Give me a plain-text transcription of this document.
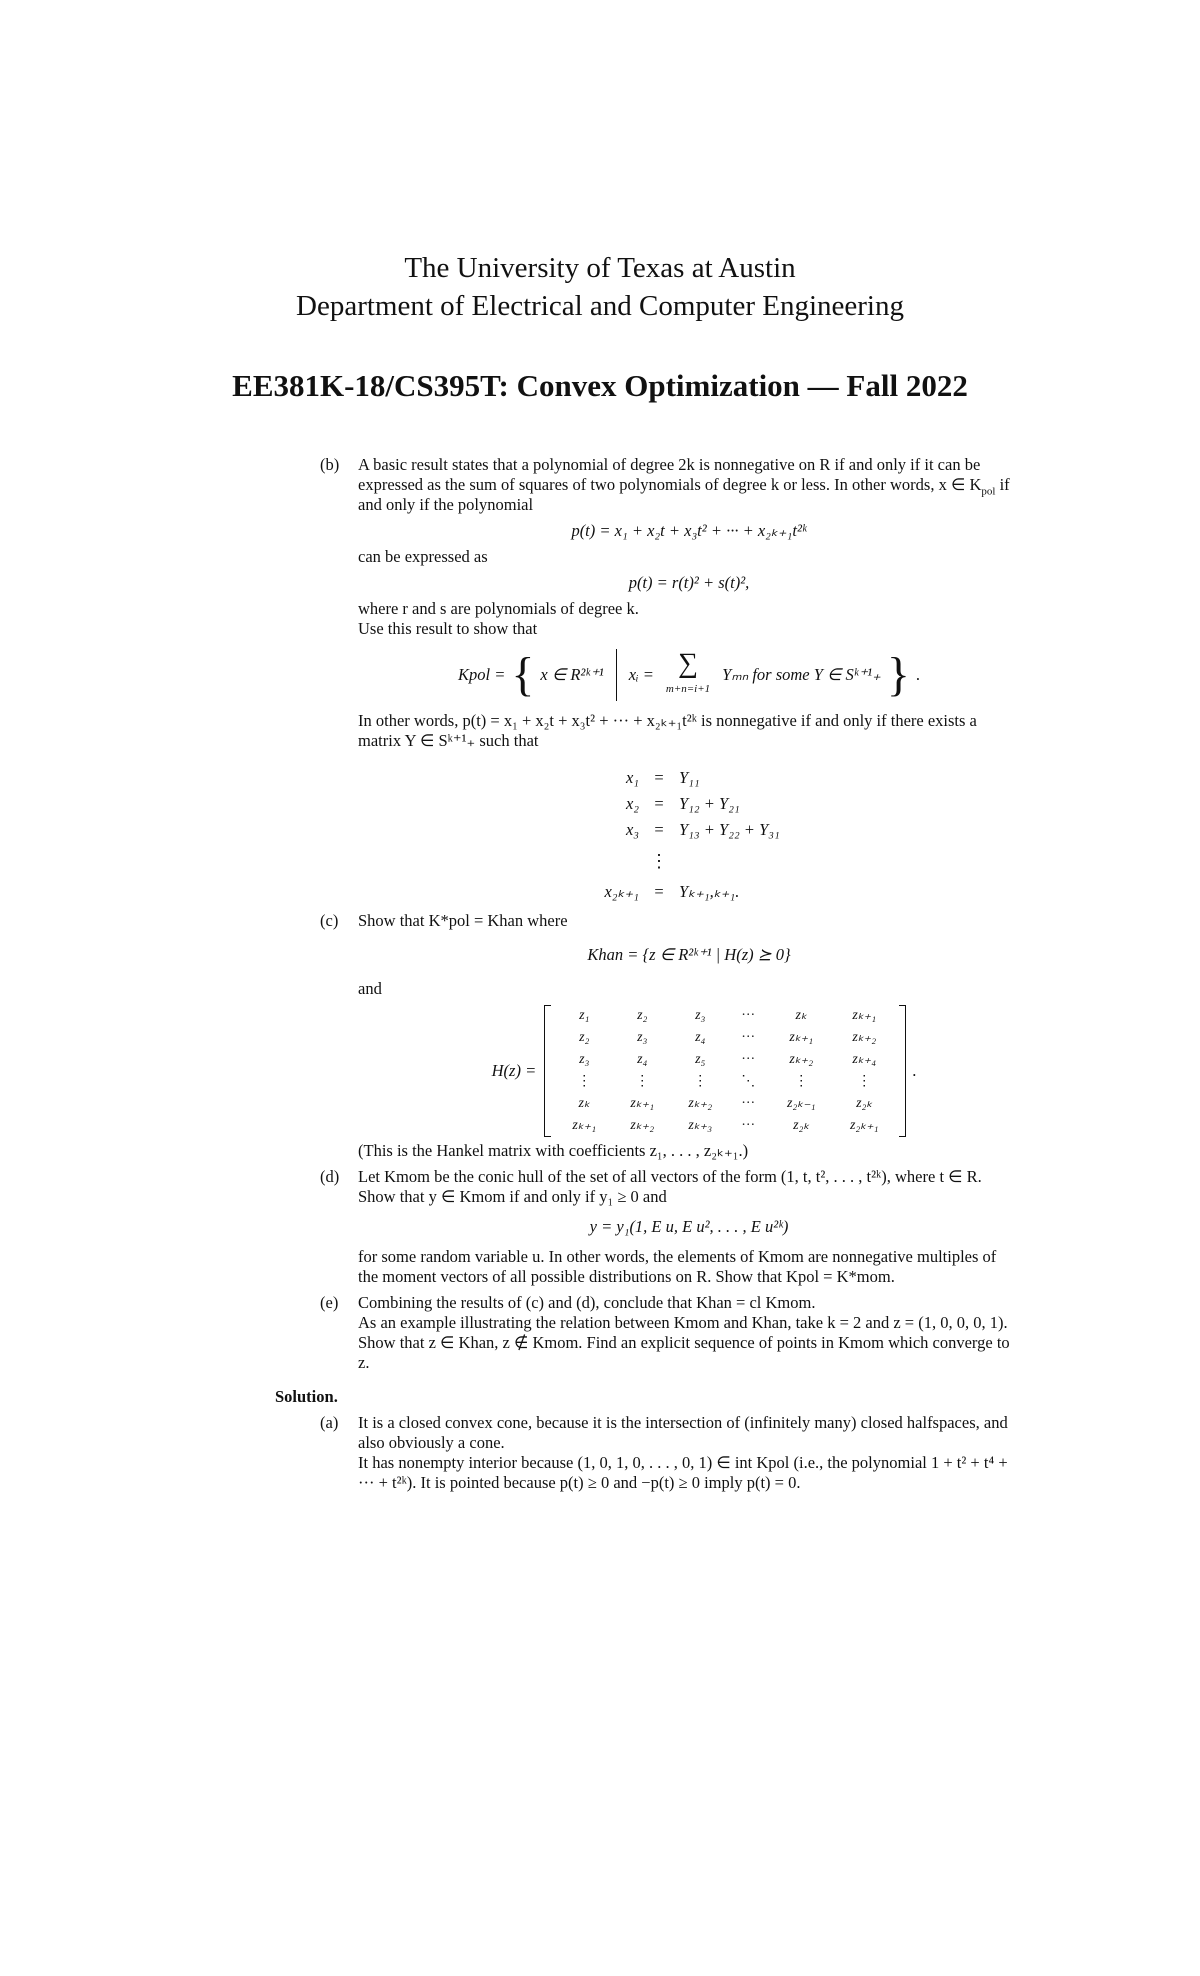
The University of Texas at Austin
Department of Electrical and Computer Engineering
EE381K-18/CS395T: Convex Optimization — Fall 2022
(b) A basic result states that a polynomial of degree 2k is nonnegative on R if and only if it can be expressed as the sum of squares of two polynomials of degree k or less. In other words, x ∈ $K_{pol}$ if and only if the polynomial

p(t) = x₁ + x₂t + x₃t² + ··· + x₂ₖ₊₁t²ᵏ

can be expressed as

p(t) = r(t)² + s(t)²,

where r and s are polynomials of degree k.

Use this result to show that

Kpol = { x ∈ R²ᵏ⁺¹ xᵢ = ∑
m+n=i+1
Yₘₙ for some Y ∈ Sᵏ⁺¹₊ } .

In other words, p(t) = x₁ + x₂t + x₃t² + ··· + x₂ₖ₊₁t²ᵏ is nonnegative if and only if there exists a matrix Y ∈ Sᵏ⁺¹₊ such that

x₁ = Y₁₁
x₂ = Y₁₂ + Y₂₁
x₃ = Y₁₃ + Y₂₂ + Y₃₁
⋮
x₂ₖ₊₁ = Yₖ₊₁,ₖ₊₁.
(c) Show that K*pol = Khan where

Khan = {z ∈ R²ᵏ⁺¹ | H(z) ⪰ 0}

and

H(z) =
z₁	z₂	z₃	···	zₖ	zₖ₊₁
z₂	z₃	z₄	···	zₖ₊₁	zₖ₊₂
z₃	z₄	z₅	···	zₖ₊₂	zₖ₊₄
⋮	⋮	⋮	⋱	⋮	⋮
zₖ	zₖ₊₁	zₖ₊₂	···	z₂ₖ₋₁	z₂ₖ
zₖ₊₁	zₖ₊₂	zₖ₊₃	···	z₂ₖ	z₂ₖ₊₁
.

(This is the Hankel matrix with coefficients z₁, . . . , z₂ₖ₊₁.)

(d) Let Kmom be the conic hull of the set of all vectors of the form (1, t, t², . . . , t²ᵏ), where t ∈ R. Show that y ∈ Kmom if and only if y₁ ≥ 0 and

y = y₁(1, E u, E u², . . . , E u²ᵏ)

for some random variable u. In other words, the elements of Kmom are nonnegative multiples of the moment vectors of all possible distributions on R. Show that Kpol = K*mom.

(e) Combining the results of (c) and (d), conclude that Khan = cl Kmom.

As an example illustrating the relation between Kmom and Khan, take k = 2 and z = (1, 0, 0, 0, 1). Show that z ∈ Khan, z ∉ Kmom. Find an explicit sequence of points in Kmom which converge to z.

Solution.
(a) It is a closed convex cone, because it is the intersection of (infinitely many) closed halfspaces, and also obviously a cone.

It has nonempty interior because (1, 0, 1, 0, . . . , 0, 1) ∈ int Kpol (i.e., the polynomial 1 + t² + t⁴ + ··· + t²ᵏ). It is pointed because p(t) ≥ 0 and −p(t) ≥ 0 imply p(t) = 0.
